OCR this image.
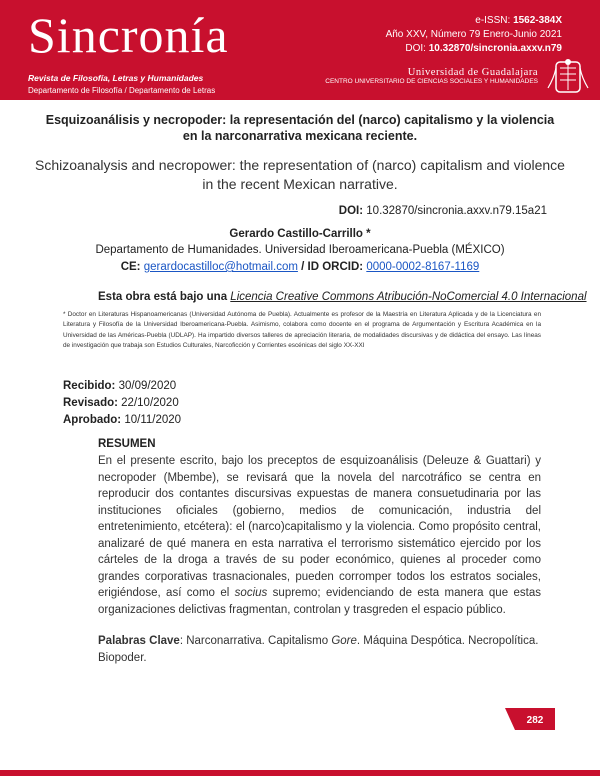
Sincronía
Revista de Filosofía, Letras y Humanidades
Departamento de Filosofía / Departamento de Letras
e-ISSN: 1562-384X
Año XXV, Número 79 Enero-Junio 2021
DOI: 10.32870/sincronia.axxv.n79
Universidad de Guadalajara
CENTRO UNIVERSITARIO DE CIENCIAS SOCIALES Y HUMANIDADES
Esquizoanálisis y necropoder: la representación del (narco) capitalismo y la violencia
en la narconarrativa mexicana reciente.
Schizoanalysis and necropower: the representation of (narco) capitalism and violence
in the recent Mexican narrative.
DOI: 10.32870/sincronia.axxv.n79.15a21
Gerardo Castillo-Carrillo *
Departamento de Humanidades. Universidad Iberoamericana-Puebla (MÉXICO)
CE: gerardocastilloc@hotmail.com / ID ORCID: 0000-0002-8167-1169
Esta obra está bajo una Licencia Creative Commons Atribución-NoComercial 4.0 Internacional
* Doctor en Literaturas Hispanoamericanas (Universidad Autónoma de Puebla). Actualmente es profesor de la Maestría en Literatura Aplicada y de la Licenciatura en Literatura y Filosofía de la Universidad Iberoamericana-Puebla. Asimismo, colabora como docente en el programa de Argumentación y Escritura Académica en la Universidad de las Américas-Puebla (UDLAP). Ha impartido diversos talleres de apreciación literaria, de modalidades discursivas y de didáctica del ensayo. Las líneas de investigación que trabaja son Estudios Culturales, Narcoficción y Corrientes escénicas del siglo XX-XXI
Recibido: 30/09/2020
Revisado: 22/10/2020
Aprobado: 10/11/2020
RESUMEN
En el presente escrito, bajo los preceptos de esquizoanálisis (Deleuze & Guattari) y necropoder (Mbembe), se revisará que la novela del narcotráfico se centra en reproducir dos contantes discursivas expuestas de manera consuetudinaria por las instituciones oficiales (gobierno, medios de comunicación, industria del entretenimiento, etcétera): el (narco)capitalismo y la violencia. Como propósito central, analizaré de qué manera en esta narrativa el terrorismo sistemático ejercido por los cárteles de la droga a través de su poder económico, quienes al proceder como grandes corporativas trasnacionales, pueden corromper todos los estratos sociales, erigiéndose, así como el socius supremo; evidenciando de esta manera que estas organizaciones delictivas fragmentan, controlan y trasgreden el espacio público.
Palabras Clave: Narconarrativa. Capitalismo Gore. Máquina Despótica. Necropolítica. Biopoder.
282
